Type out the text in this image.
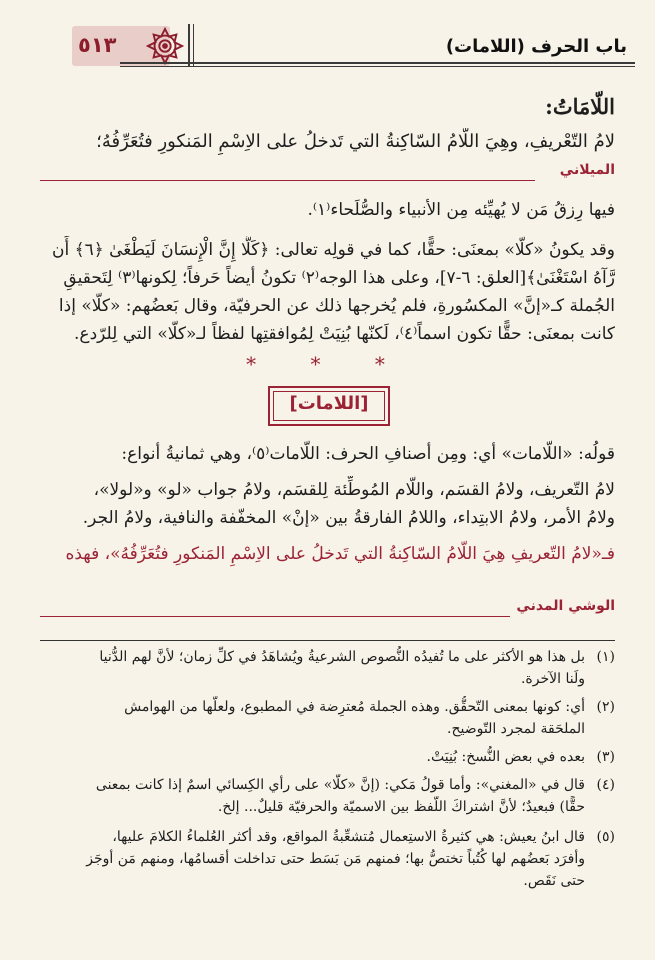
٥١٣	باب الحرف (اللامات)
اللّامَاتُ:
لامُ التّعْريفِ، وهِيَ اللّامُ السّاكِنةُ التي تَدخلُ على الاِسْمِ المَنكورِ فتُعَرِّفُهُ؛
الميلاني
فيها رِزقُ مَن لا يُهيِّئه مِن الأنبياء والصُّلَحاء⁽١⁾.
وقد يكونُ «كلّا» بمعنَى: حقًّا، كما في قولِه تعالى: ﴿كَلَّا إِنَّ الْإِنسَانَ لَيَطْغَىٰ ﴿٦﴾ أَن
رَّآهُ اسْتَغْنَىٰ﴾[العلق: ٦-٧]، وعلى هذا الوجه⁽٢⁾ تكونُ أيضاً حَرفاً؛ لِكونها⁽٣⁾ لِتَحقيقِ
الجُملة كـ«إنَّ» المكسُورةِ، فلم يُخرجها ذلك عن الحرفيّة، وقال بَعضُهم: «كلّا» إذا
كانت بمعنَى: حقًّا تكون اسماً⁽٤⁾، لَكنّها بُنِيَتْ لِمُوافقتِها لفظاً لـ«كلّا» التي لِلرّدع.
* * *
[اللامات]
قولُه: «اللّامات» أي: ومِن أصنافِ الحرف: اللّامات⁽٥⁾، وهي ثمانيةُ أنواع:
لامُ التّعريف، ولامُ القسَم، واللّام المُوطِّئة لِلقسَم، ولامُ جواب «لو» و«لولا»،
ولامُ الأمر، ولامُ الابتِداء، واللامُ الفارقةُ بين «إنْ» المخفّفة والنافية، ولامُ الجر.
فـ«لامُ التّعريفِ هِيَ اللّامُ السّاكِنةُ التي تَدخلُ على الاِسْمِ المَنكورِ فتُعَرِّفُهُ»، فهذه
الوشي المدني
(١)بل هذا هو الأكثر على ما تُفيدُه النُّصوص الشرعيةُ ويُشاهَدُ في كلِّ زمان؛ لأنَّ لهم الدُّنيا
ولَنا الآخرة.
(٢)أي: كونها بمعنى التّحقُّق. وهذه الجملة مُعترِضة في المطبوع، ولعلّها من الهوامش
الملحَقة لمجرد التّوضيح.
(٣)بعده في بعض النُّسخ: بُنِيَتْ.
(٤)قال في «المغني»: وأما قولُ مَكي: (إنَّ «كلّا» على رأي الكِسائي اسمٌ إذا كانت بمعنى
حقًّا) فبعيدٌ؛ لأنَّ اشتراكَ اللّفظ بين الاسميّة والحرفيّة قليلٌ... إلخ.
(٥)قال ابنُ يعيش: هي كثيرةُ الاستِعمال مُتشعِّبةُ المواقع، وقد أكثر العُلماءُ الكلامَ عليها،
وأفرَد بَعضُهم لها كُتُباً تختصُّ بها؛ فمنهم مَن بَسَط حتى تداخلت أقسامُها، ومنهم مَن أوجَز
حتى نَقَص.
